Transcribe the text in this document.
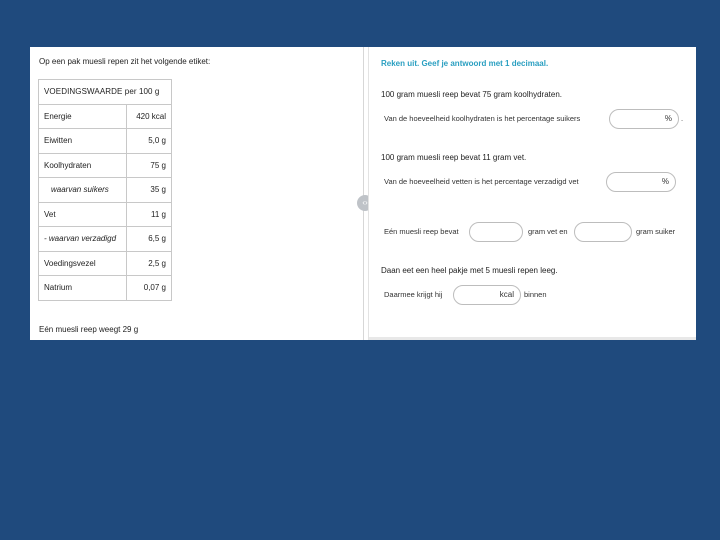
Op een pak muesli repen zit het volgende etiket:
VOEDINGSWAARDE per 100 g	
Energie	420 kcal
Eiwitten	5,0 g
Koolhydraten	75 g
waarvan suikers	35 g
Vet	11 g
- waarvan verzadigd	6,5 g
Voedingsvezel	2,5 g
Natrium	0,07 g
Eén muesli reep weegt 29 g
‹›
Reken uit. Geef je antwoord met 1 decimaal.
100 gram muesli reep bevat 75 gram koolhydraten.
Van de hoeveelheid koolhydraten is het percentage suikers	%	.
100 gram muesli reep bevat 11 gram vet.
Van de hoeveelheid vetten is het percentage verzadigd vet	%
Eén muesli reep bevat	gram vet en	gram suiker
Daan eet een heel pakje met 5 muesli repen leeg.
Daarmee krijgt hij	kcal	binnen
